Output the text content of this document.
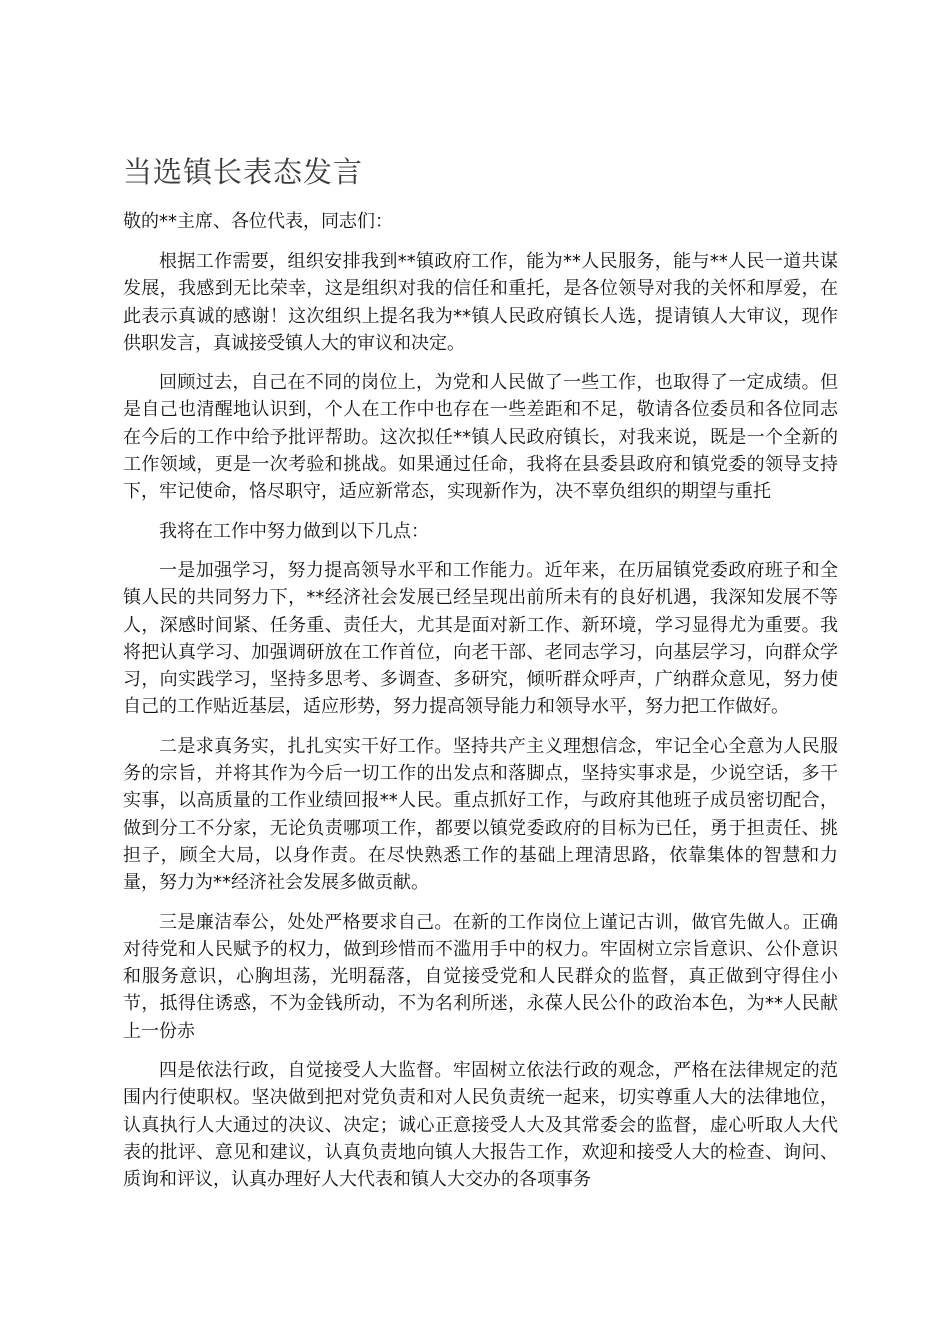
当选镇长表态发言

敬的**主席、各位代表，同志们：

根据工作需要，组织安排我到**镇政府工作，能为**人民服务，能与**人民一道共谋发展，我感到无比荣幸，这是组织对我的信任和重托，是各位领导对我的关怀和厚爱，在此表示真诚的感谢！这次组织上提名我为**镇人民政府镇长人选，提请镇人大审议，现作供职发言，真诚接受镇人大的审议和决定。

回顾过去，自己在不同的岗位上，为党和人民做了一些工作，也取得了一定成绩。但是自己也清醒地认识到，个人在工作中也存在一些差距和不足，敬请各位委员和各位同志在今后的工作中给予批评帮助。这次拟任**镇人民政府镇长，对我来说，既是一个全新的工作领域，更是一次考验和挑战。如果通过任命，我将在县委县政府和镇党委的领导支持下，牢记使命，恪尽职守，适应新常态，实现新作为，决不辜负组织的期望与重托

我将在工作中努力做到以下几点：

一是加强学习，努力提高领导水平和工作能力。近年来，在历届镇党委政府班子和全镇人民的共同努力下，**经济社会发展已经呈现出前所未有的良好机遇，我深知发展不等人，深感时间紧、任务重、责任大，尤其是面对新工作、新环境，学习显得尤为重要。我将把认真学习、加强调研放在工作首位，向老干部、老同志学习，向基层学习，向群众学习，向实践学习，坚持多思考、多调查、多研究，倾听群众呼声，广纳群众意见，努力使自己的工作贴近基层，适应形势，努力提高领导能力和领导水平，努力把工作做好。

二是求真务实，扎扎实实干好工作。坚持共产主义理想信念，牢记全心全意为人民服务的宗旨，并将其作为今后一切工作的出发点和落脚点，坚持实事求是，少说空话，多干实事，以高质量的工作业绩回报**人民。重点抓好工作，与政府其他班子成员密切配合，做到分工不分家，无论负责哪项工作，都要以镇党委政府的目标为已任，勇于担责任、挑担子，顾全大局，以身作责。在尽快熟悉工作的基础上理清思路，依靠集体的智慧和力量，努力为**经济社会发展多做贡献。

三是廉洁奉公，处处严格要求自己。在新的工作岗位上谨记古训，做官先做人。正确对待党和人民赋予的权力，做到珍惜而不滥用手中的权力。牢固树立宗旨意识、公仆意识和服务意识，心胸坦荡，光明磊落，自觉接受党和人民群众的监督，真正做到守得住小节，抵得住诱惑，不为金钱所动，不为名利所迷，永葆人民公仆的政治本色，为**人民献上一份赤

四是依法行政，自觉接受人大监督。牢固树立依法行政的观念，严格在法律规定的范围内行使职权。坚决做到把对党负责和对人民负责统一起来，切实尊重人大的法律地位，认真执行人大通过的决议、决定；诚心正意接受人大及其常委会的监督，虚心听取人大代表的批评、意见和建议，认真负责地向镇人大报告工作，欢迎和接受人大的检查、询问、质询和评议，认真办理好人大代表和镇人大交办的各项事务
